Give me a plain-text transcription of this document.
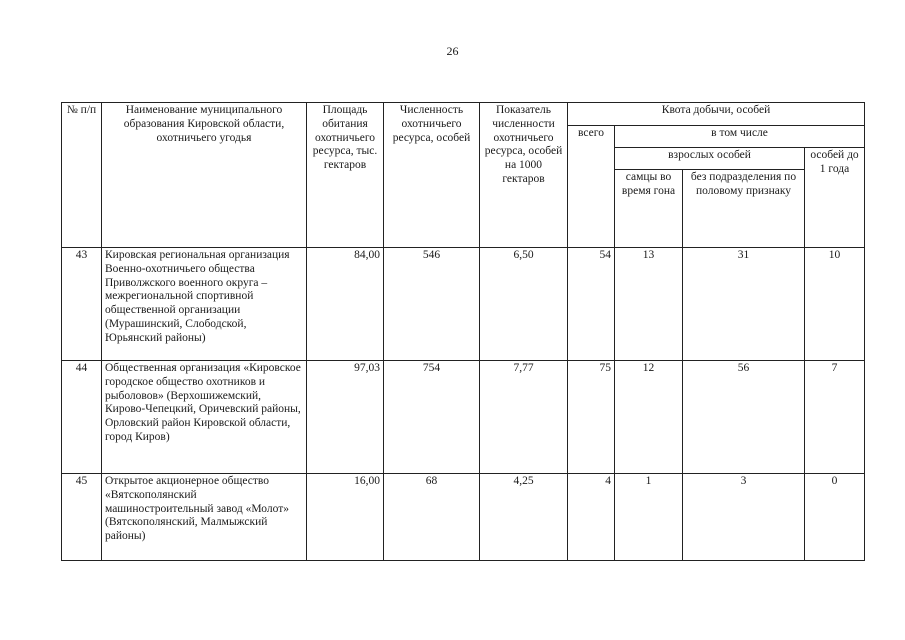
26
№ п/п	Наименование муниципального образования Кировской области, охотничьего угодья	Площадь обитания охотничьего ресурса, тыс. гектаров	Численность охотничьего ресурса, особей	Показатель численности охотничьего ресурса, особей на 1000 гектаров	Квота добычи, особей			
					всего	в том числе		
						взрослых особей		особей до 1 года
						самцы во время гона	без подразделения по половому признаку	
43	Кировская региональная организация Военно-охотничьего общества Приволжского военного округа – межрегиональной спортивной общественной организации (Мурашинский, Слободской, Юрьянский районы)	84,00	546	6,50	54	13	31	10
44	Общественная организация «Кировское городское общество охотников и рыболовов» (Верхошижемский, Кирово-Чепецкий, Оричевский районы, Орловский район Кировской области, город Киров)	97,03	754	7,77	75	12	56	7
45	Открытое акционерное общество «Вятскополянский машиностроительный завод «Молот» (Вятскополянский, Малмыжский районы)	16,00	68	4,25	4	1	3	0
